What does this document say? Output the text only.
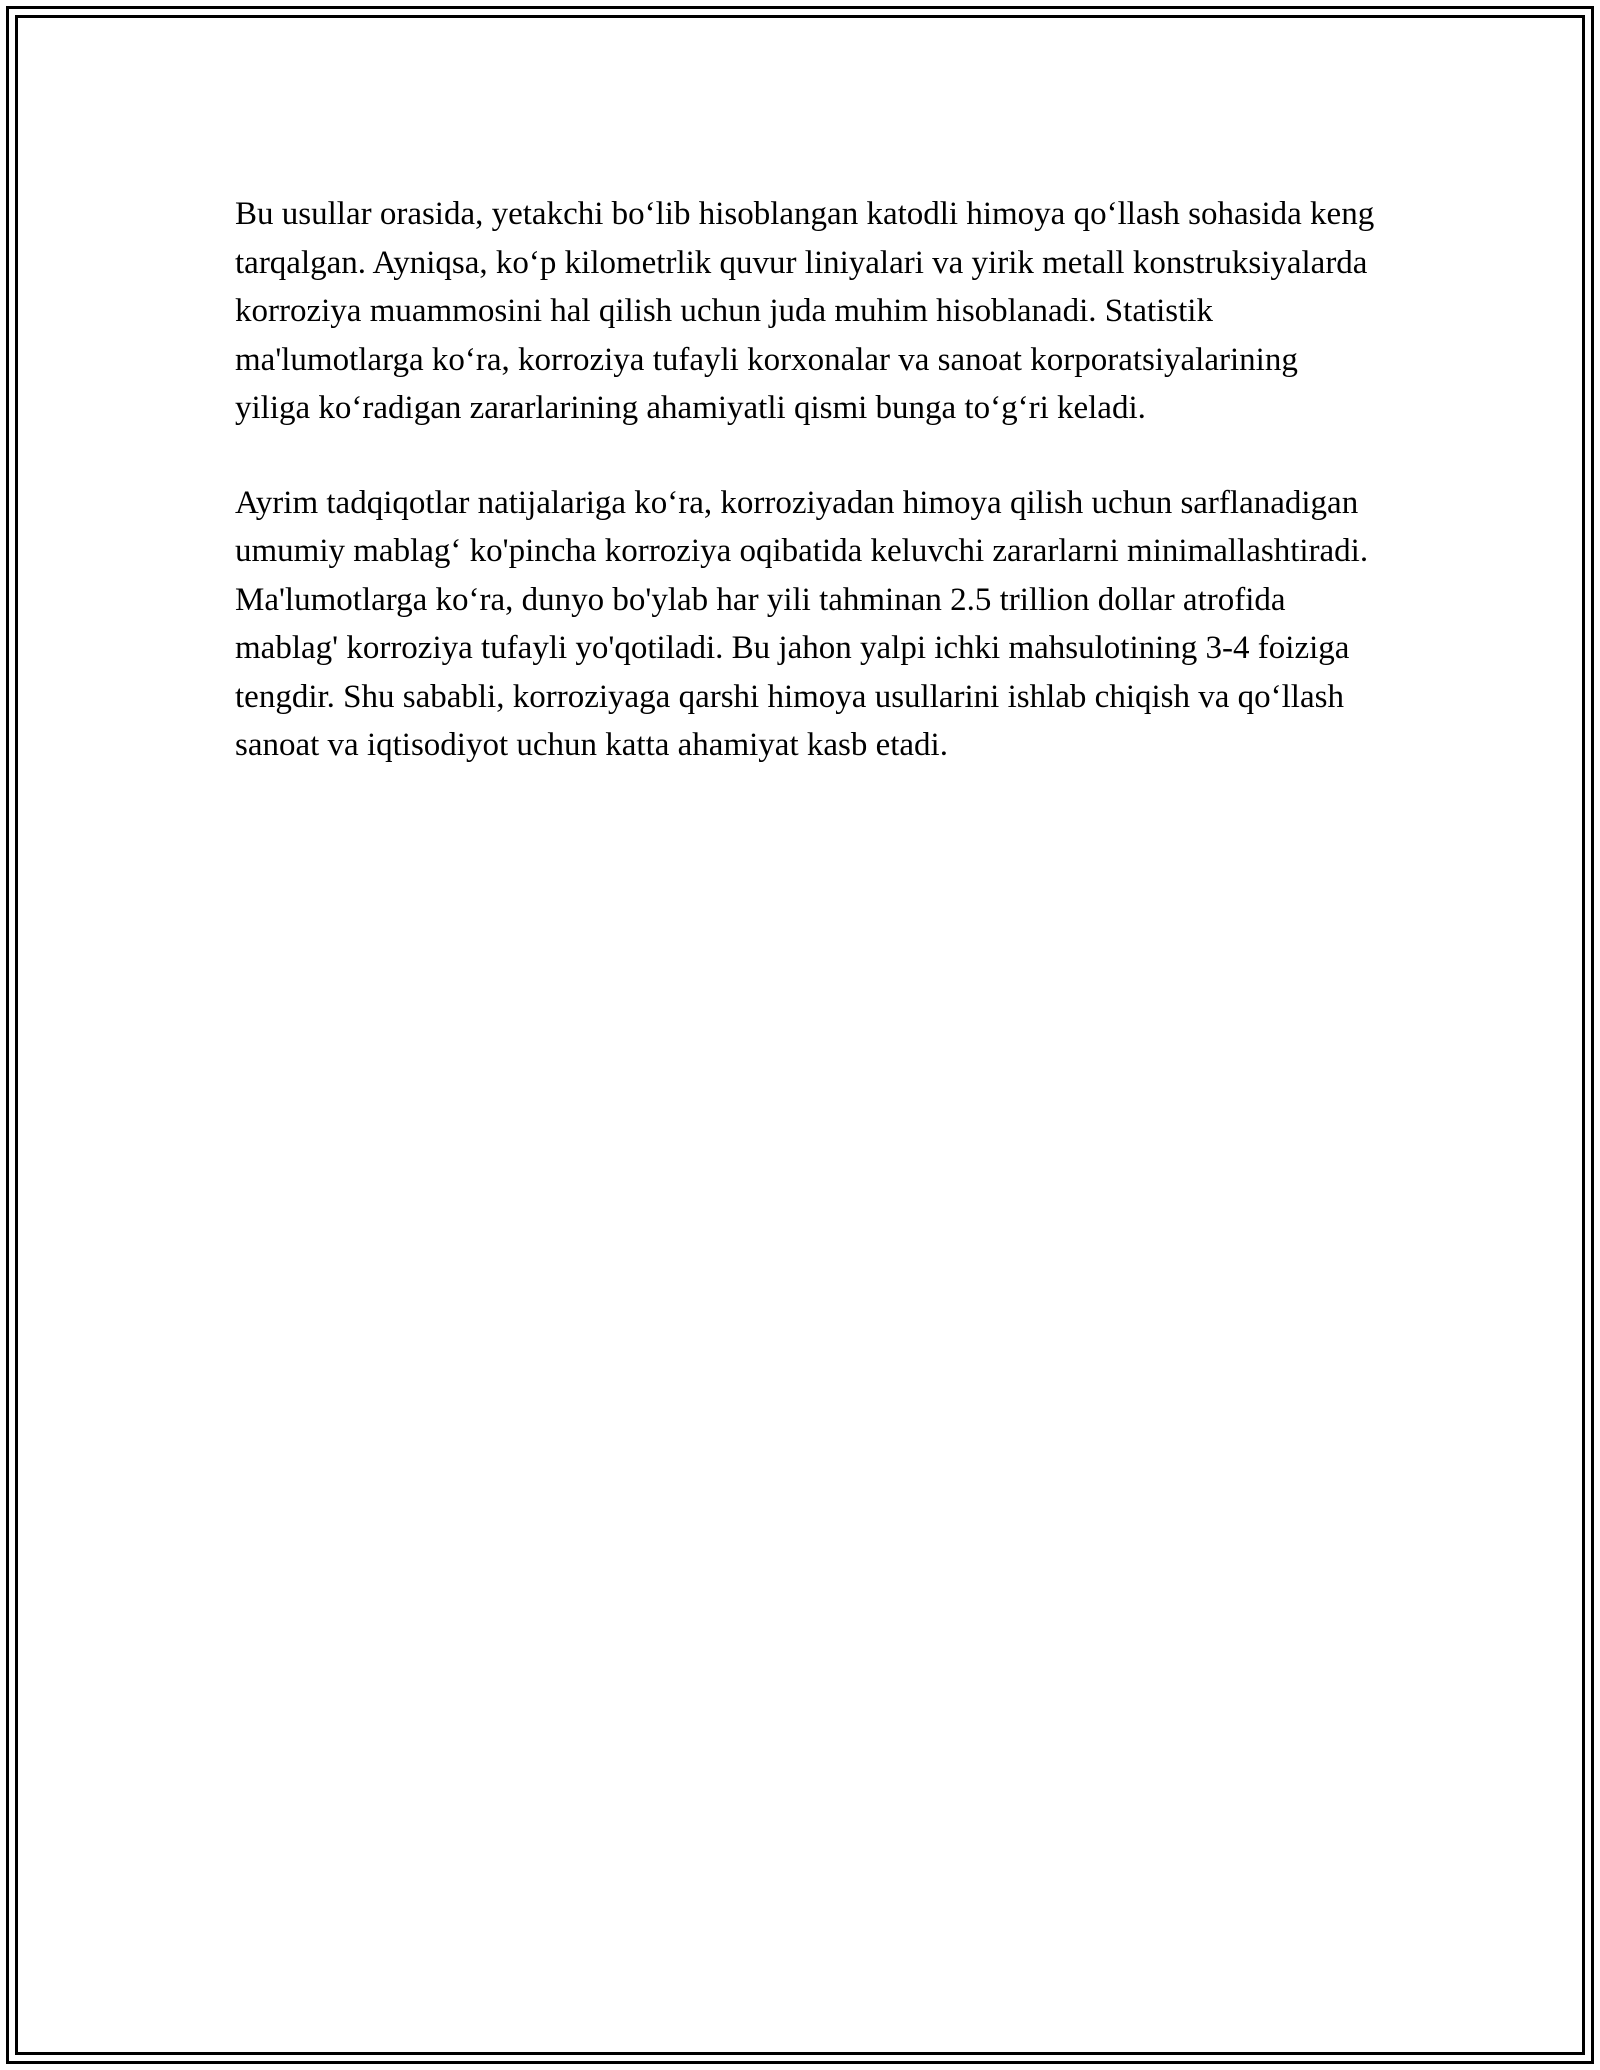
Bu usullar orasida, yetakchi bo‘lib hisoblangan katodli himoya qo‘llash sohasida keng tarqalgan. Ayniqsa, ko‘p kilometrlik quvur liniyalari va yirik metall konstruksiyalarda korroziya muammosini hal qilish uchun juda muhim hisoblanadi. Statistik ma'lumotlarga ko‘ra, korroziya tufayli korxonalar va sanoat korporatsiyalarining yiliga ko‘radigan zararlarining ahamiyatli qismi bunga to‘g‘ri keladi.

Ayrim tadqiqotlar natijalariga ko‘ra, korroziyadan himoya qilish uchun sarflanadigan umumiy mablag‘ ko'pincha korroziya oqibatida keluvchi zararlarni minimallashtiradi. Ma'lumotlarga ko‘ra, dunyo bo'ylab har yili tahminan 2.5 trillion dollar atrofida mablag' korroziya tufayli yo'qotiladi. Bu jahon yalpi ichki mahsulotining 3-4 foiziga tengdir. Shu sababli, korroziyaga qarshi himoya usullarini ishlab chiqish va qo‘llash sanoat va iqtisodiyot uchun katta ahamiyat kasb etadi.
